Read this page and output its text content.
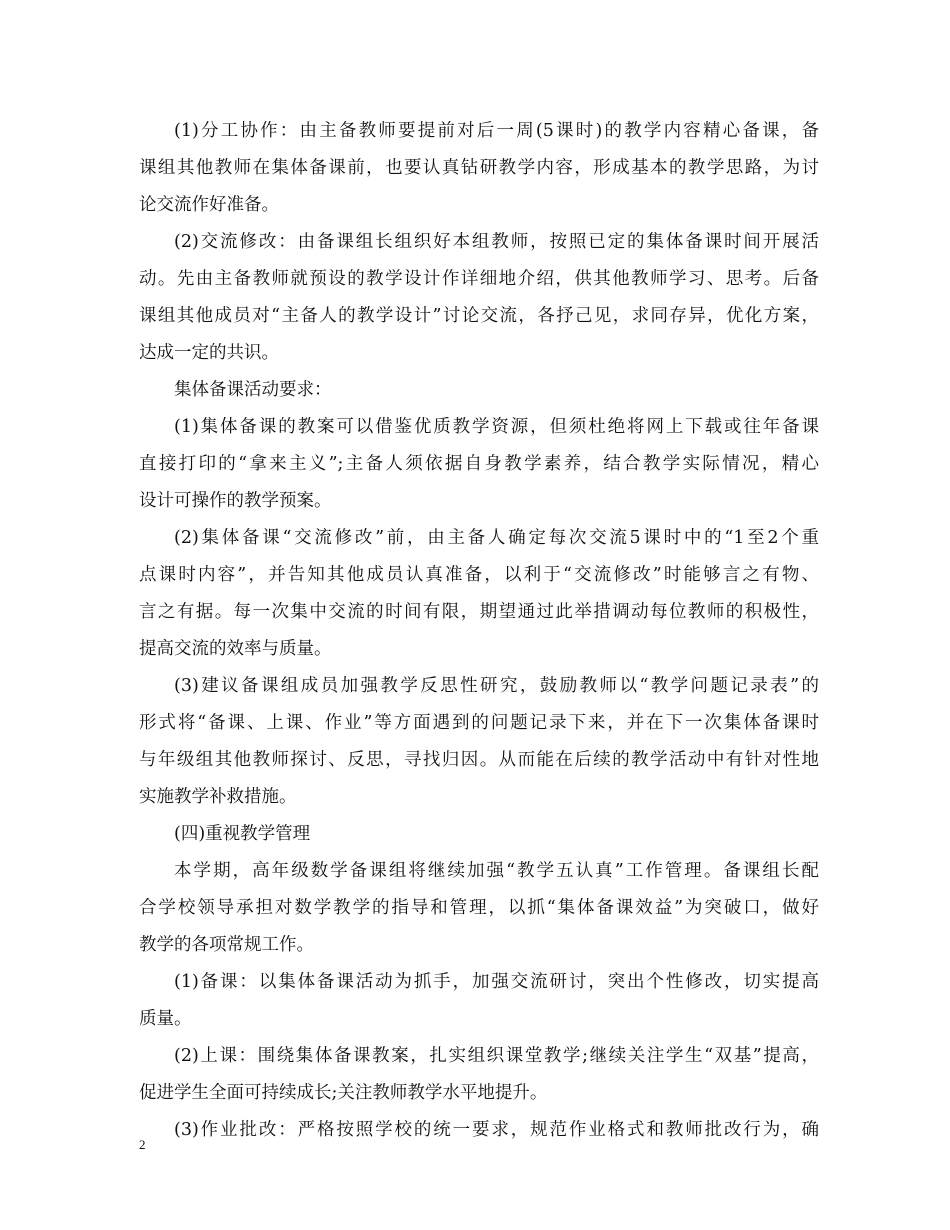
(1)分工协作：由主备教师要提前对后一周(5课时)的教学内容精心备课，备
课组其他教师在集体备课前，也要认真钻研教学内容，形成基本的教学思路，为讨
论交流作好准备。
(2)交流修改：由备课组长组织好本组教师，按照已定的集体备课时间开展活
动。先由主备教师就预设的教学设计作详细地介绍，供其他教师学习、思考。后备
课组其他成员对“主备人的教学设计”讨论交流，各抒己见，求同存异，优化方案，
达成一定的共识。
集体备课活动要求：
(1)集体备课的教案可以借鉴优质教学资源，但须杜绝将网上下载或往年备课
直接打印的“拿来主义”;主备人须依据自身教学素养，结合教学实际情况，精心
设计可操作的教学预案。
(2)集体备课“交流修改”前，由主备人确定每次交流5课时中的“1至2个重
点课时内容”，并告知其他成员认真准备，以利于“交流修改”时能够言之有物、
言之有据。每一次集中交流的时间有限，期望通过此举措调动每位教师的积极性，
提高交流的效率与质量。
(3)建议备课组成员加强教学反思性研究，鼓励教师以“教学问题记录表”的
形式将“备课、上课、作业”等方面遇到的问题记录下来，并在下一次集体备课时
与年级组其他教师探讨、反思，寻找归因。从而能在后续的教学活动中有针对性地
实施教学补救措施。
(四)重视教学管理
本学期，高年级数学备课组将继续加强“教学五认真”工作管理。备课组长配
合学校领导承担对数学教学的指导和管理，以抓“集体备课效益”为突破口，做好
教学的各项常规工作。
(1)备课：以集体备课活动为抓手，加强交流研讨，突出个性修改，切实提高
质量。
(2)上课：围绕集体备课教案，扎实组织课堂教学;继续关注学生“双基”提高，
促进学生全面可持续成长;关注教师教学水平地提升。
(3)作业批改：严格按照学校的统一要求，规范作业格式和教师批改行为，确
2
